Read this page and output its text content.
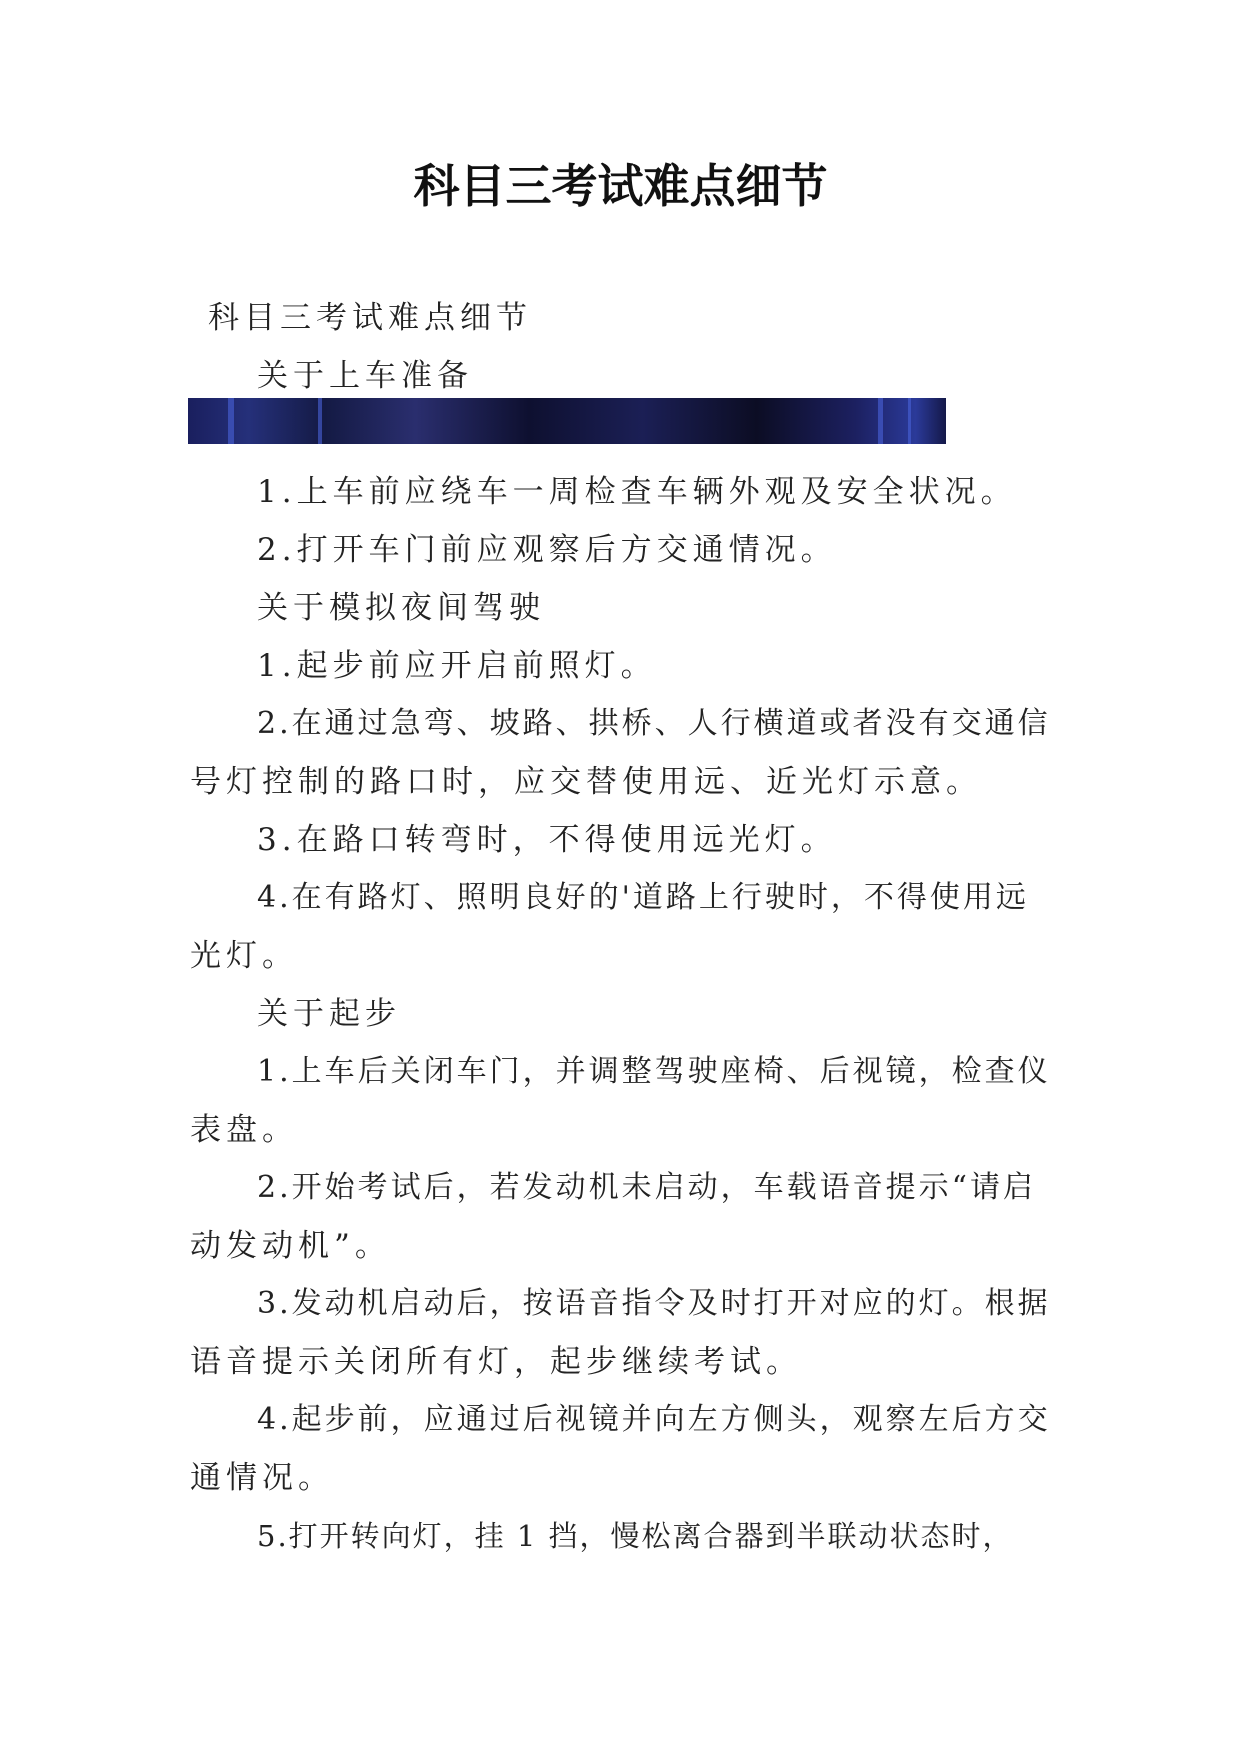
科目三考试难点细节

科目三考试难点细节

关于上车准备

1.上车前应绕车一周检查车辆外观及安全状况。

2.打开车门前应观察后方交通情况。

关于模拟夜间驾驶

1.起步前应开启前照灯。

2.在通过急弯、坡路、拱桥、人行横道或者没有交通信

号灯控制的路口时，应交替使用远、近光灯示意。

3.在路口转弯时，不得使用远光灯。

4.在有路灯、照明良好的'道路上行驶时，不得使用远

光灯。

关于起步

1.上车后关闭车门，并调整驾驶座椅、后视镜，检查仪

表盘。

2.开始考试后，若发动机未启动，车载语音提示“请启

动发动机”。

3.发动机启动后，按语音指令及时打开对应的灯。根据

语音提示关闭所有灯，起步继续考试。

4.起步前，应通过后视镜并向左方侧头，观察左后方交

通情况。

5.打开转向灯，挂 1 挡，慢松离合器到半联动状态时，
